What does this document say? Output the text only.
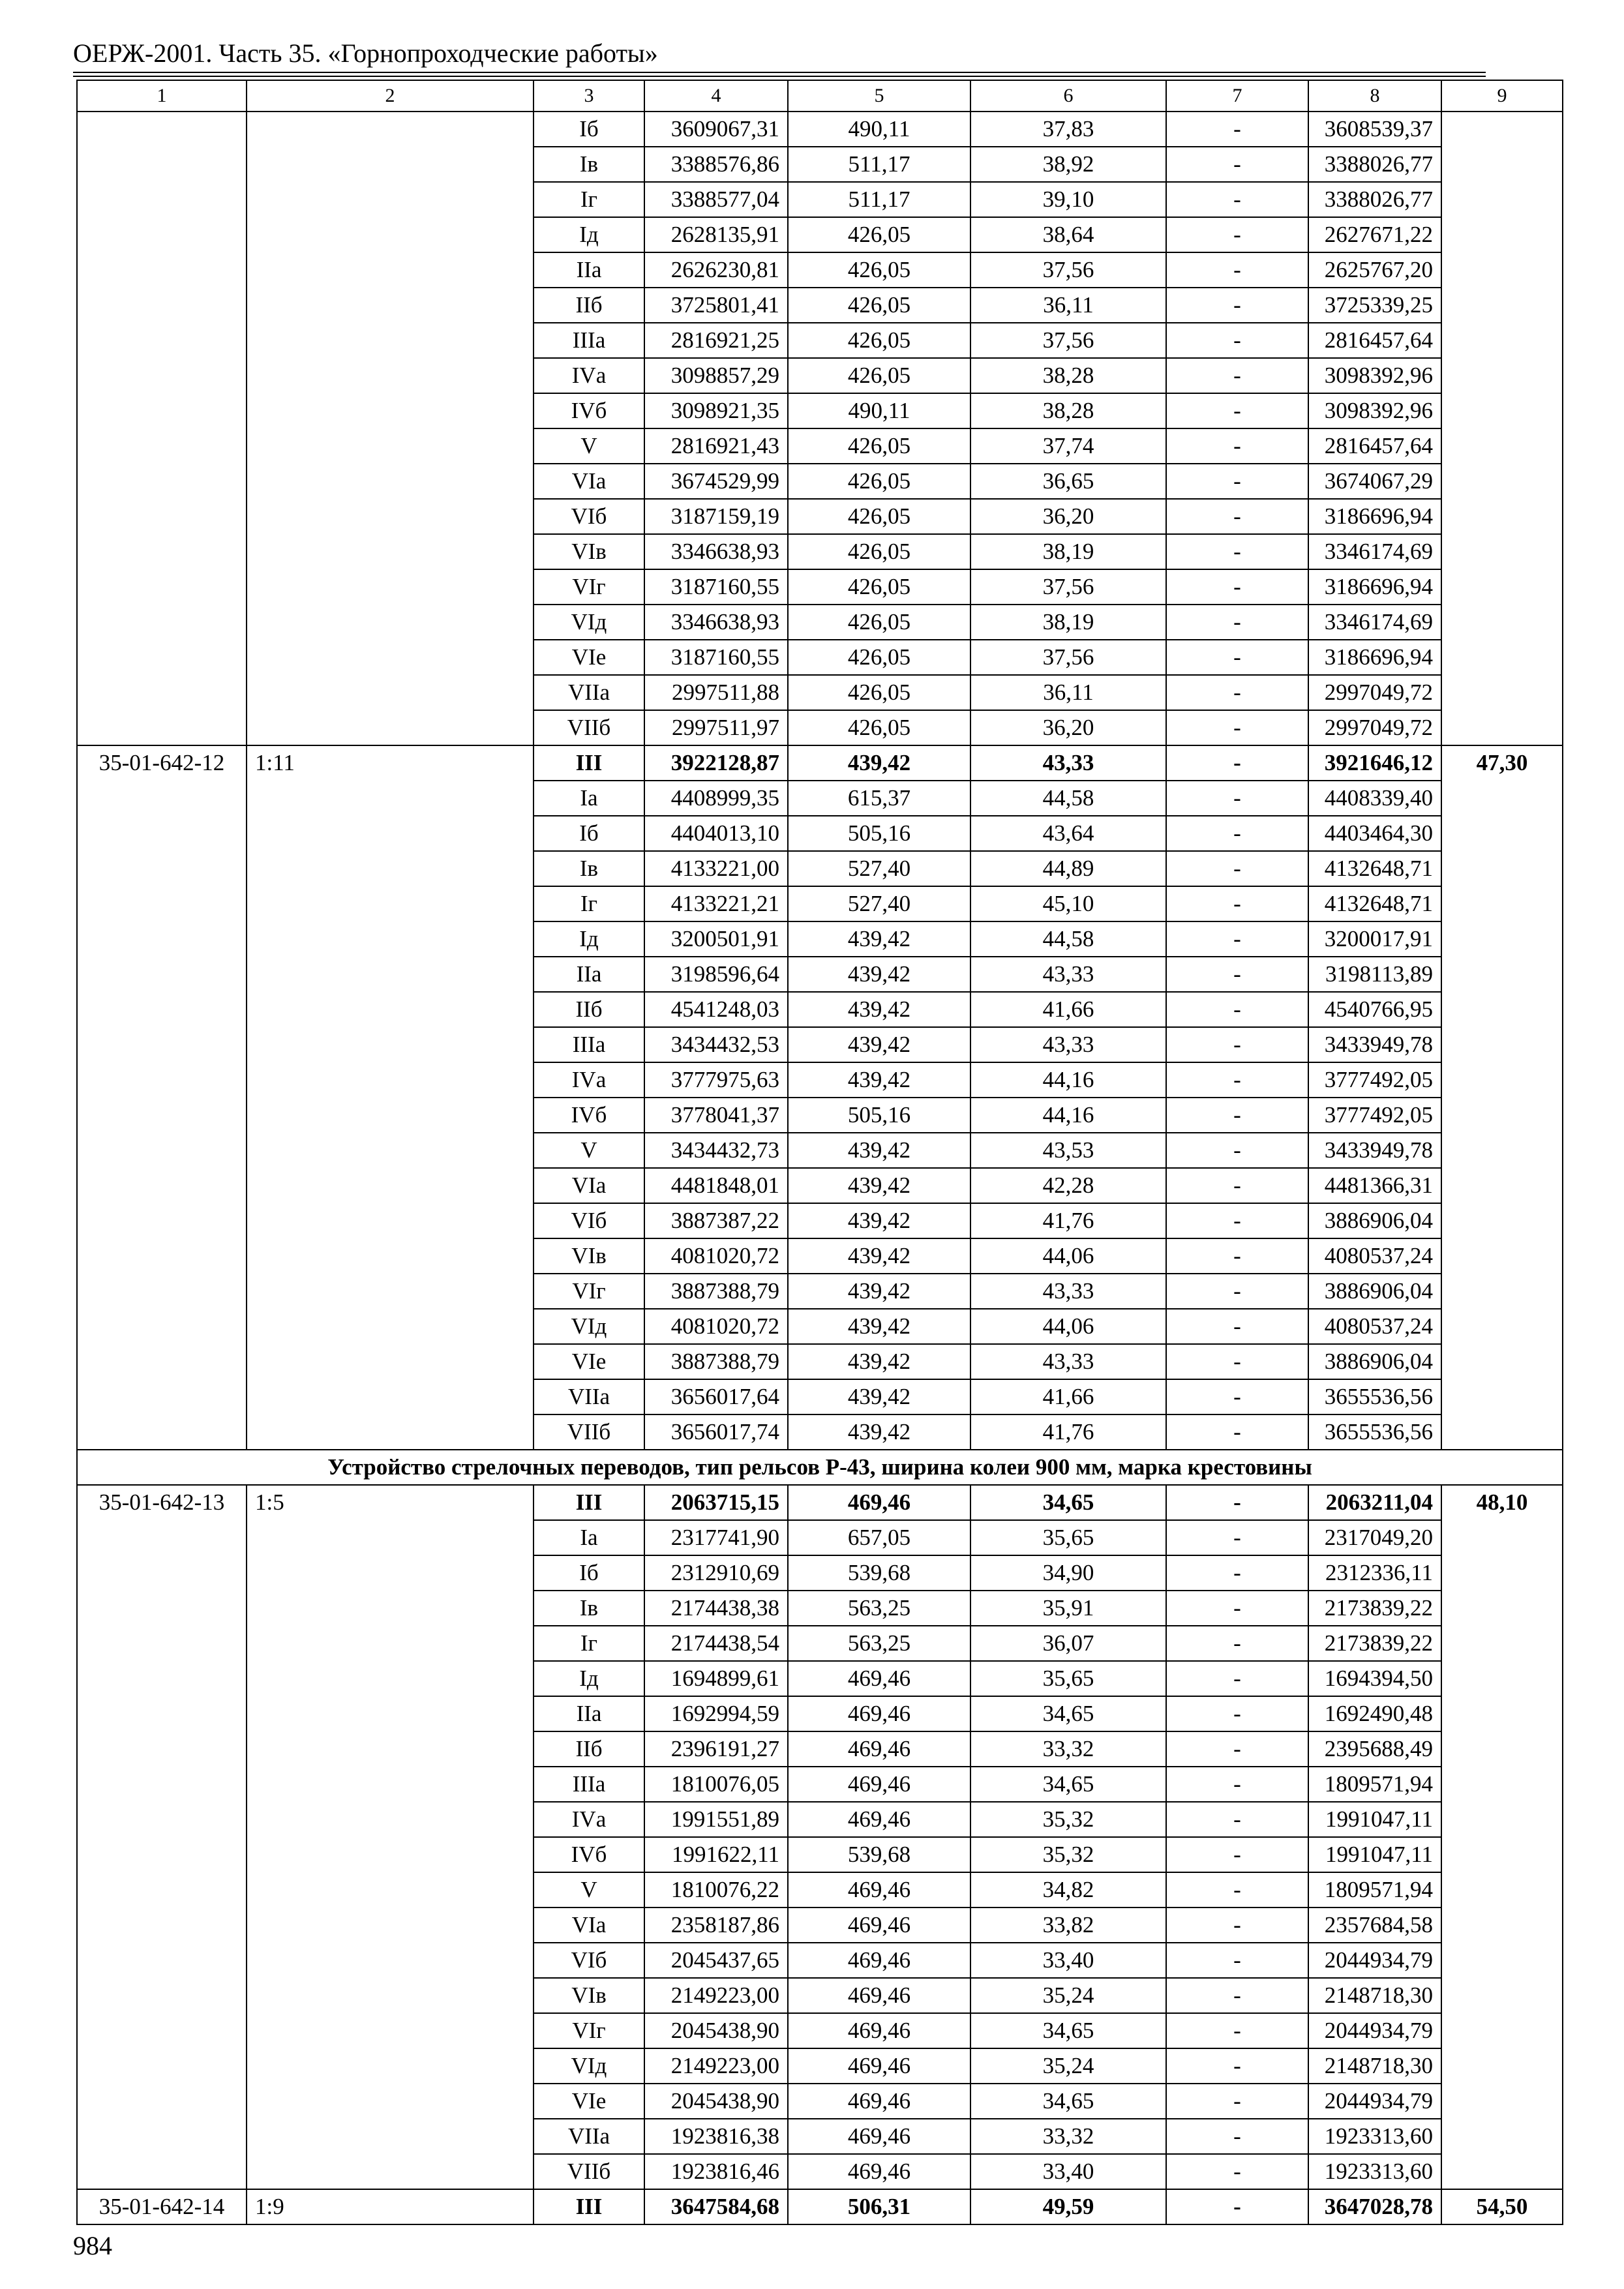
ОЕРЖ-2001. Часть 35. «Горнопроходческие работы»
1	2	3	4	5	6	7	8	9
		Iб	3609067,31	490,11	37,83	-	3608539,37	
		Iв	3388576,86	511,17	38,92	-	3388026,77	
		Iг	3388577,04	511,17	39,10	-	3388026,77	
		Iд	2628135,91	426,05	38,64	-	2627671,22	
		IIа	2626230,81	426,05	37,56	-	2625767,20	
		IIб	3725801,41	426,05	36,11	-	3725339,25	
		IIIа	2816921,25	426,05	37,56	-	2816457,64	
		IVа	3098857,29	426,05	38,28	-	3098392,96	
		IVб	3098921,35	490,11	38,28	-	3098392,96	
		V	2816921,43	426,05	37,74	-	2816457,64	
		VIа	3674529,99	426,05	36,65	-	3674067,29	
		VIб	3187159,19	426,05	36,20	-	3186696,94	
		VIв	3346638,93	426,05	38,19	-	3346174,69	
		VIг	3187160,55	426,05	37,56	-	3186696,94	
		VIд	3346638,93	426,05	38,19	-	3346174,69	
		VIе	3187160,55	426,05	37,56	-	3186696,94	
		VIIа	2997511,88	426,05	36,11	-	2997049,72	
		VIIб	2997511,97	426,05	36,20	-	2997049,72	
35-01-642-12	1:11	III	3922128,87	439,42	43,33	-	3921646,12	47,30
		Iа	4408999,35	615,37	44,58	-	4408339,40	
		Iб	4404013,10	505,16	43,64	-	4403464,30	
		Iв	4133221,00	527,40	44,89	-	4132648,71	
		Iг	4133221,21	527,40	45,10	-	4132648,71	
		Iд	3200501,91	439,42	44,58	-	3200017,91	
		IIа	3198596,64	439,42	43,33	-	3198113,89	
		IIб	4541248,03	439,42	41,66	-	4540766,95	
		IIIа	3434432,53	439,42	43,33	-	3433949,78	
		IVа	3777975,63	439,42	44,16	-	3777492,05	
		IVб	3778041,37	505,16	44,16	-	3777492,05	
		V	3434432,73	439,42	43,53	-	3433949,78	
		VIа	4481848,01	439,42	42,28	-	4481366,31	
		VIб	3887387,22	439,42	41,76	-	3886906,04	
		VIв	4081020,72	439,42	44,06	-	4080537,24	
		VIг	3887388,79	439,42	43,33	-	3886906,04	
		VIд	4081020,72	439,42	44,06	-	4080537,24	
		VIе	3887388,79	439,42	43,33	-	3886906,04	
		VIIа	3656017,64	439,42	41,66	-	3655536,56	
		VIIб	3656017,74	439,42	41,76	-	3655536,56	
Устройство стрелочных переводов, тип рельсов Р-43, ширина колеи 900 мм, марка крестовины								
35-01-642-13	1:5	III	2063715,15	469,46	34,65	-	2063211,04	48,10
		Iа	2317741,90	657,05	35,65	-	2317049,20	
		Iб	2312910,69	539,68	34,90	-	2312336,11	
		Iв	2174438,38	563,25	35,91	-	2173839,22	
		Iг	2174438,54	563,25	36,07	-	2173839,22	
		Iд	1694899,61	469,46	35,65	-	1694394,50	
		IIа	1692994,59	469,46	34,65	-	1692490,48	
		IIб	2396191,27	469,46	33,32	-	2395688,49	
		IIIа	1810076,05	469,46	34,65	-	1809571,94	
		IVа	1991551,89	469,46	35,32	-	1991047,11	
		IVб	1991622,11	539,68	35,32	-	1991047,11	
		V	1810076,22	469,46	34,82	-	1809571,94	
		VIа	2358187,86	469,46	33,82	-	2357684,58	
		VIб	2045437,65	469,46	33,40	-	2044934,79	
		VIв	2149223,00	469,46	35,24	-	2148718,30	
		VIг	2045438,90	469,46	34,65	-	2044934,79	
		VIд	2149223,00	469,46	35,24	-	2148718,30	
		VIе	2045438,90	469,46	34,65	-	2044934,79	
		VIIа	1923816,38	469,46	33,32	-	1923313,60	
		VIIб	1923816,46	469,46	33,40	-	1923313,60	
35-01-642-14	1:9	III	3647584,68	506,31	49,59	-	3647028,78	54,50
984
